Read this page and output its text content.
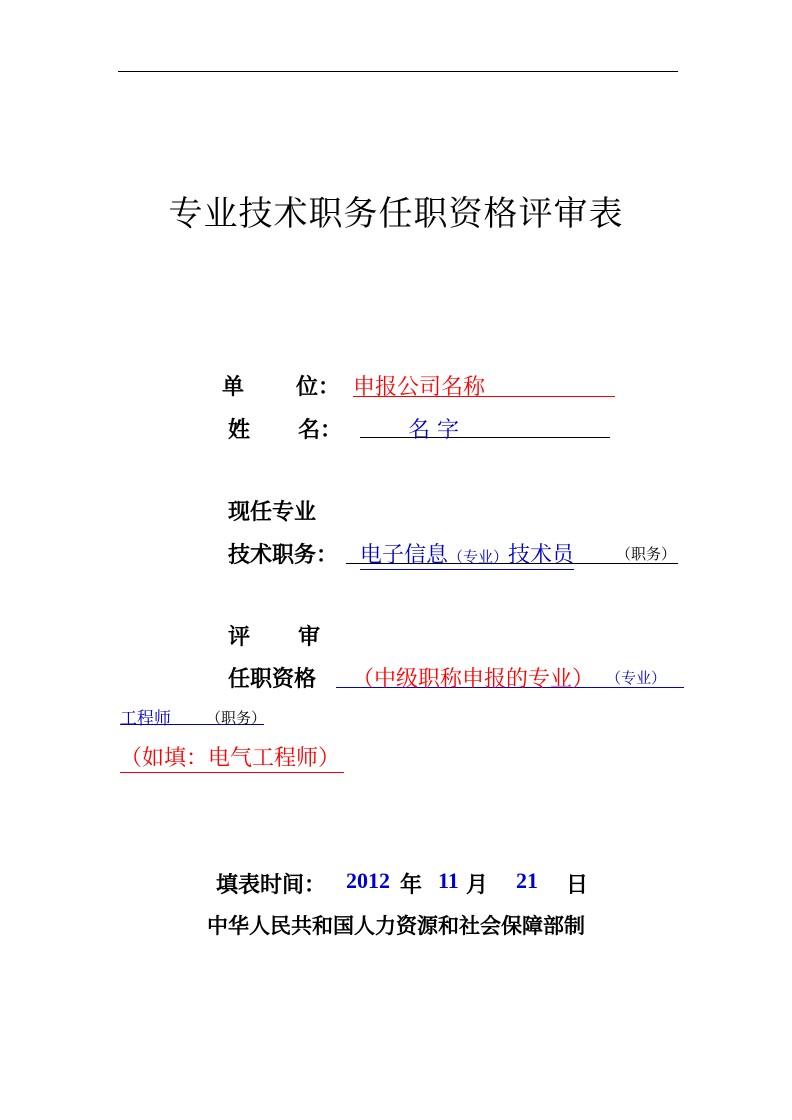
专业技术职务任职资格评审表
单 位： 申报公司名称
姓 名：	名 字
现任专业
技术职务： 电子信息（专业）技术员	（职务）
评 审
任职资格 （中级职称申报的专业） （专业）
工程师 （职务）
（如填：电气工程师）
填表时间： 2012 年 11 月 21 日
中华人民共和国人力资源和社会保障部制
